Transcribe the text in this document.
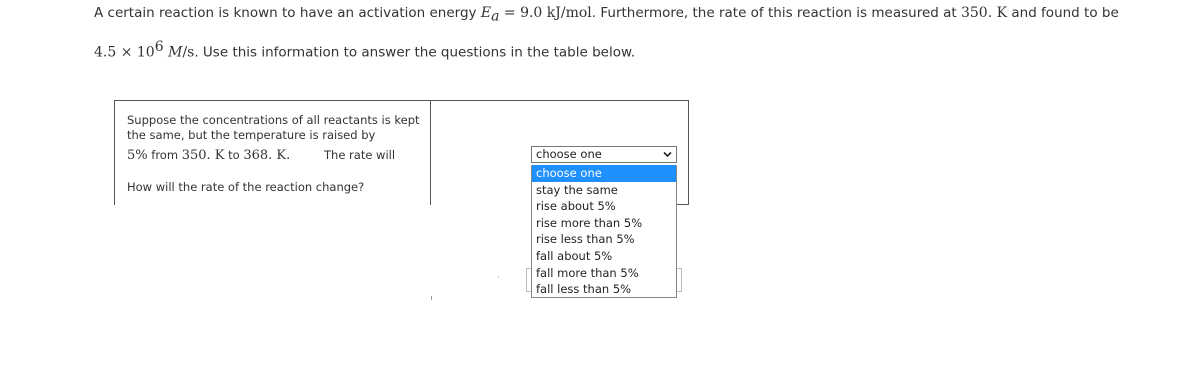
A certain reaction is known to have an activation energy $E_a = 9.0$ kJ/mol. Furthermore, the rate of this reaction is measured at 350. K and found to be
$4.5 \times 10^6$ M/s. Use this information to answer the questions in the table below.
Suppose the concentrations of all reactants is kept the same, but the temperature is raised by
5% from 350. K to 368. K.
How will the rate of the reaction change?
The rate will	choose one
choose one
stay the same
rise about 5%
rise more than 5%
rise less than 5%
fall about 5%
fall more than 5%
fall less than 5%
